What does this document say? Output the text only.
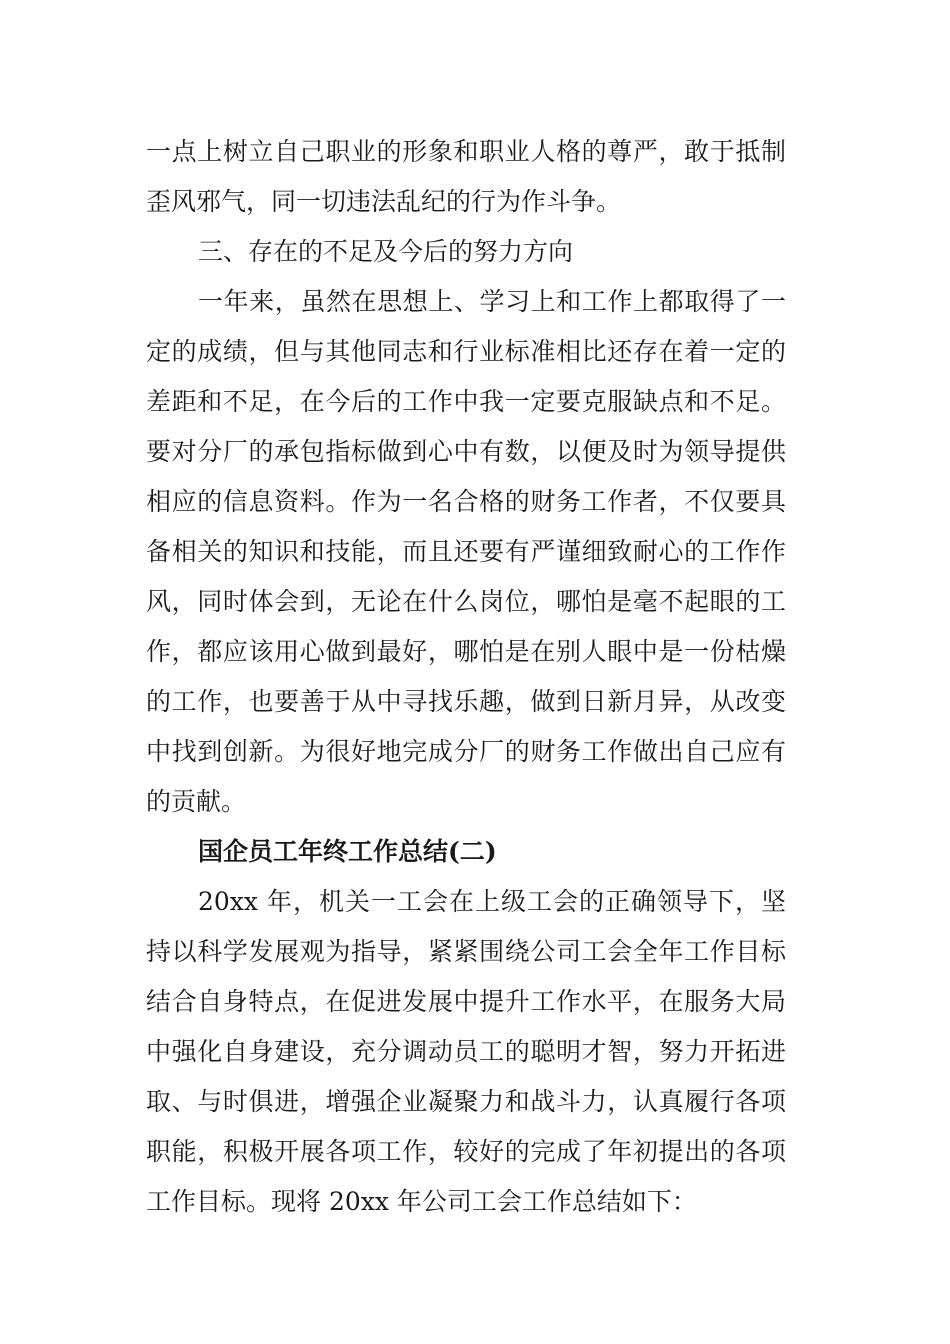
一点上树立自己职业的形象和职业人格的尊严，敢于抵制
歪风邪气，同一切违法乱纪的行为作斗争。
三、存在的不足及今后的努力方向
一年来，虽然在思想上、学习上和工作上都取得了一
定的成绩，但与其他同志和行业标准相比还存在着一定的
差距和不足，在今后的工作中我一定要克服缺点和不足。
要对分厂的承包指标做到心中有数，以便及时为领导提供
相应的信息资料。作为一名合格的财务工作者，不仅要具
备相关的知识和技能，而且还要有严谨细致耐心的工作作
风，同时体会到，无论在什么岗位，哪怕是毫不起眼的工
作，都应该用心做到最好，哪怕是在别人眼中是一份枯燥
的工作，也要善于从中寻找乐趣，做到日新月异，从改变
中找到创新。为很好地完成分厂的财务工作做出自己应有
的贡献。
国企员工年终工作总结(二)
20xx 年，机关一工会在上级工会的正确领导下，坚
持以科学发展观为指导，紧紧围绕公司工会全年工作目标
结合自身特点，在促进发展中提升工作水平，在服务大局
中强化自身建设，充分调动员工的聪明才智，努力开拓进
取、与时俱进，增强企业凝聚力和战斗力，认真履行各项
职能，积极开展各项工作，较好的完成了年初提出的各项
工作目标。现将 20xx 年公司工会工作总结如下：
